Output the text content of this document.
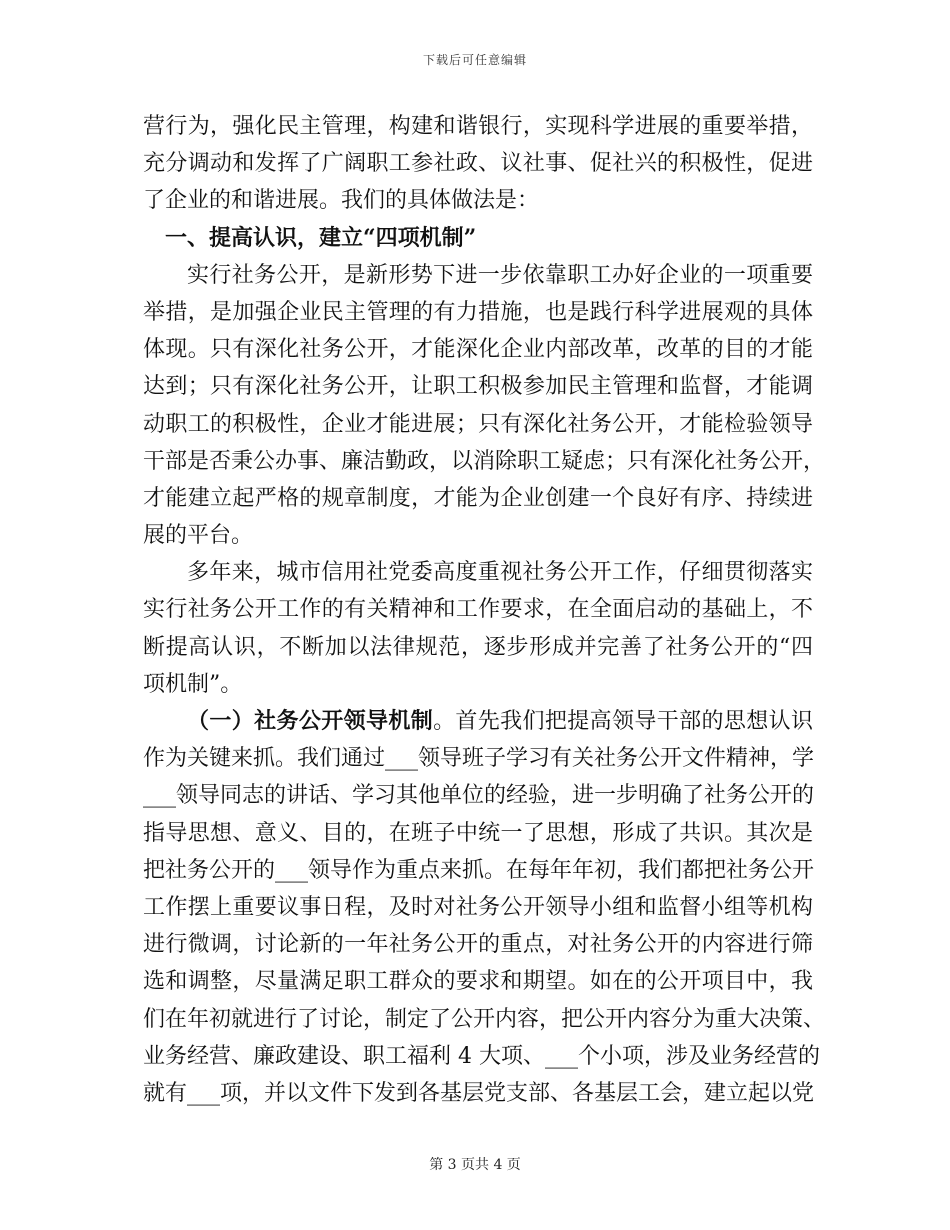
下载后可任意编辑
营行为，强化民主管理，构建和谐银行，实现科学进展的重要举措，
充分调动和发挥了广阔职工参社政、议社事、促社兴的积极性，促进
了企业的和谐进展。我们的具体做法是：
一、提高认识，建立“四项机制”
实行社务公开，是新形势下进一步依靠职工办好企业的一项重要
举措，是加强企业民主管理的有力措施，也是践行科学进展观的具体
体现。只有深化社务公开，才能深化企业内部改革，改革的目的才能
达到；只有深化社务公开，让职工积极参加民主管理和监督，才能调
动职工的积极性，企业才能进展；只有深化社务公开，才能检验领导
干部是否秉公办事、廉洁勤政，以消除职工疑虑；只有深化社务公开，
才能建立起严格的规章制度，才能为企业创建一个良好有序、持续进
展的平台。
多年来，城市信用社党委高度重视社务公开工作，仔细贯彻落实
实行社务公开工作的有关精神和工作要求，在全面启动的基础上，不
断提高认识，不断加以法律规范，逐步形成并完善了社务公开的“四
项机制”。
（一）社务公开领导机制。首先我们把提高领导干部的思想认识
作为关键来抓。我们通过___领导班子学习有关社务公开文件精神，学
___领导同志的讲话、学习其他单位的经验，进一步明确了社务公开的
指导思想、意义、目的，在班子中统一了思想，形成了共识。其次是
把社务公开的___领导作为重点来抓。在每年年初，我们都把社务公开
工作摆上重要议事日程，及时对社务公开领导小组和监督小组等机构
进行微调，讨论新的一年社务公开的重点，对社务公开的内容进行筛
选和调整，尽量满足职工群众的要求和期望。如在的公开项目中，我
们在年初就进行了讨论，制定了公开内容，把公开内容分为重大决策、
业务经营、廉政建设、职工福利 4 大项、___个小项，涉及业务经营的
就有___项，并以文件下发到各基层党支部、各基层工会，建立起以党
第 3 页共 4 页
